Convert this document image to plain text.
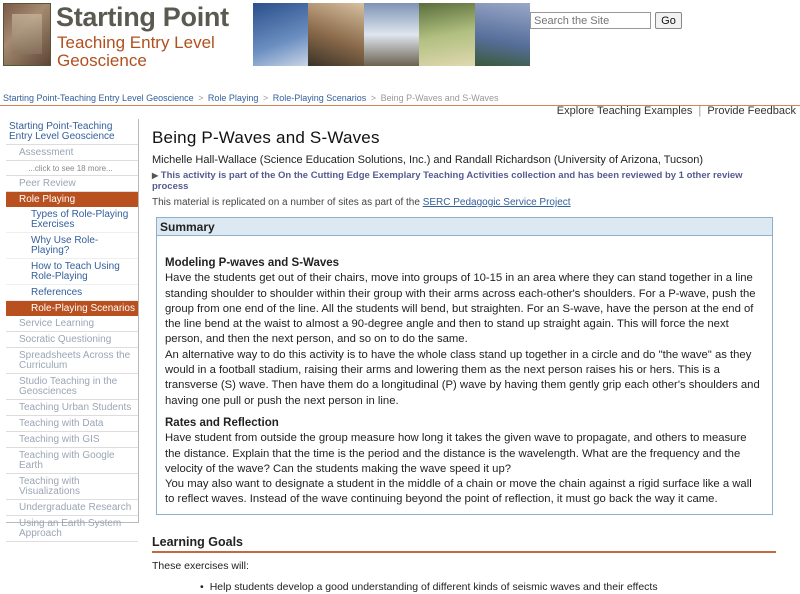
Starting Point
Teaching Entry Level
Geoscience
Search the Site
Go
Starting Point-Teaching Entry Level Geoscience > Role Playing > Role-Playing Scenarios > Being P-Waves and S-Waves
Explore Teaching Examples | Provide Feedback
Starting Point-Teaching Entry Level Geoscience
Assessment
...click to see 18 more...
Peer Review
Role Playing
Types of Role-Playing Exercises
Why Use Role-Playing?
How to Teach Using Role-Playing
References
Role-Playing Scenarios
Service Learning
Socratic Questioning
Spreadsheets Across the Curriculum
Studio Teaching in the Geosciences
Teaching Urban Students
Teaching with Data
Teaching with GIS
Teaching with Google Earth
Teaching with Visualizations
Undergraduate Research
Using an Earth System Approach
Being P-Waves and S-Waves
Michelle Hall-Wallace (Science Education Solutions, Inc.) and Randall Richardson (University of Arizona, Tucson)
▶ This activity is part of the On the Cutting Edge Exemplary Teaching Activities collection and has been reviewed by 1 other review process
This material is replicated on a number of sites as part of the SERC Pedagogic Service Project
Summary
Modeling P-waves and S-Waves

Have the students get out of their chairs, move into groups of 10-15 in an area where they can stand together in a line standing shoulder to shoulder within their group with their arms across each-other's shoulders. For a P-wave, push the group from one end of the line. All the students will bend, but straighten. For an S-wave, have the person at the end of the line bend at the waist to almost a 90-degree angle and then to stand up straight again. This will force the next person, and then the next person, and so on to do the same.

An alternative way to do this activity is to have the whole class stand up together in a circle and do "the wave" as they would in a football stadium, raising their arms and lowering them as the next person raises his or hers. This is a transverse (S) wave. Then have them do a longitudinal (P) wave by having them gently grip each other's shoulders and having one pull or push the next person in line.

Rates and Reflection

Have student from outside the group measure how long it takes the given wave to propagate, and others to measure the distance. Explain that the time is the period and the distance is the wavelength. What are the frequency and the velocity of the wave? Can the students making the wave speed it up?

You may also want to designate a student in the middle of a chain or move the chain against a rigid surface like a wall to reflect waves. Instead of the wave continuing beyond the point of reflection, it must go back the way it came.

Learning Goals
These exercises will:
• Help students develop a good understanding of different kinds of seismic waves and their effects
